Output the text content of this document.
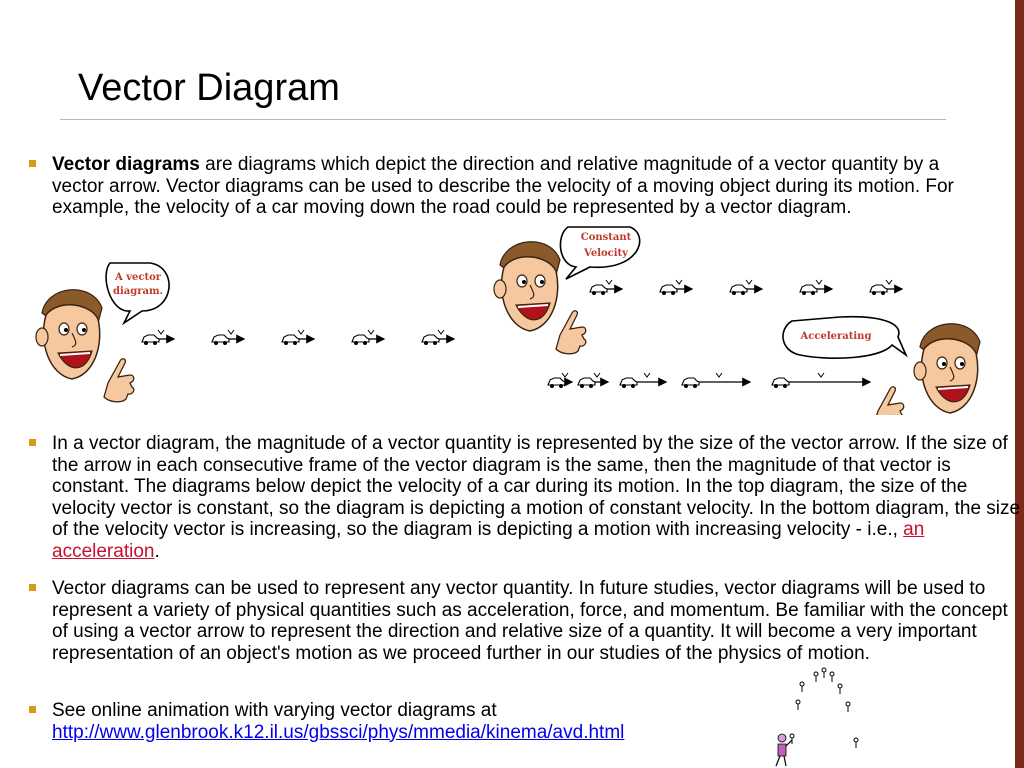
Vector Diagram

Vector diagrams are diagrams which depict the direction and relative magnitude of a vector quantity by a vector arrow. Vector diagrams can be used to describe the velocity of a moving object during its motion. For example, the velocity of a car moving down the road could be represented by a vector diagram.

A vector
diagram.
Constant
Velocity
Accelerating

In a vector diagram, the magnitude of a vector quantity is represented by the size of the vector arrow. If the size of the arrow in each consecutive frame of the vector diagram is the same, then the magnitude of that vector is constant. The diagrams below depict the velocity of a car during its motion. In the top diagram, the size of the velocity vector is constant, so the diagram is depicting a motion of constant velocity. In the bottom diagram, the size of the velocity vector is increasing, so the diagram is depicting a motion with increasing velocity - i.e., an acceleration.

Vector diagrams can be used to represent any vector quantity. In future studies, vector diagrams will be used to represent a variety of physical quantities such as acceleration, force, and momentum. Be familiar with the concept of using a vector arrow to represent the direction and relative size of a quantity. It will become a very important representation of an object's motion as we proceed further in our studies of the physics of motion.

See online animation with varying vector diagrams at

http://www.glenbrook.k12.il.us/gbssci/phys/mmedia/kinema/avd.html
